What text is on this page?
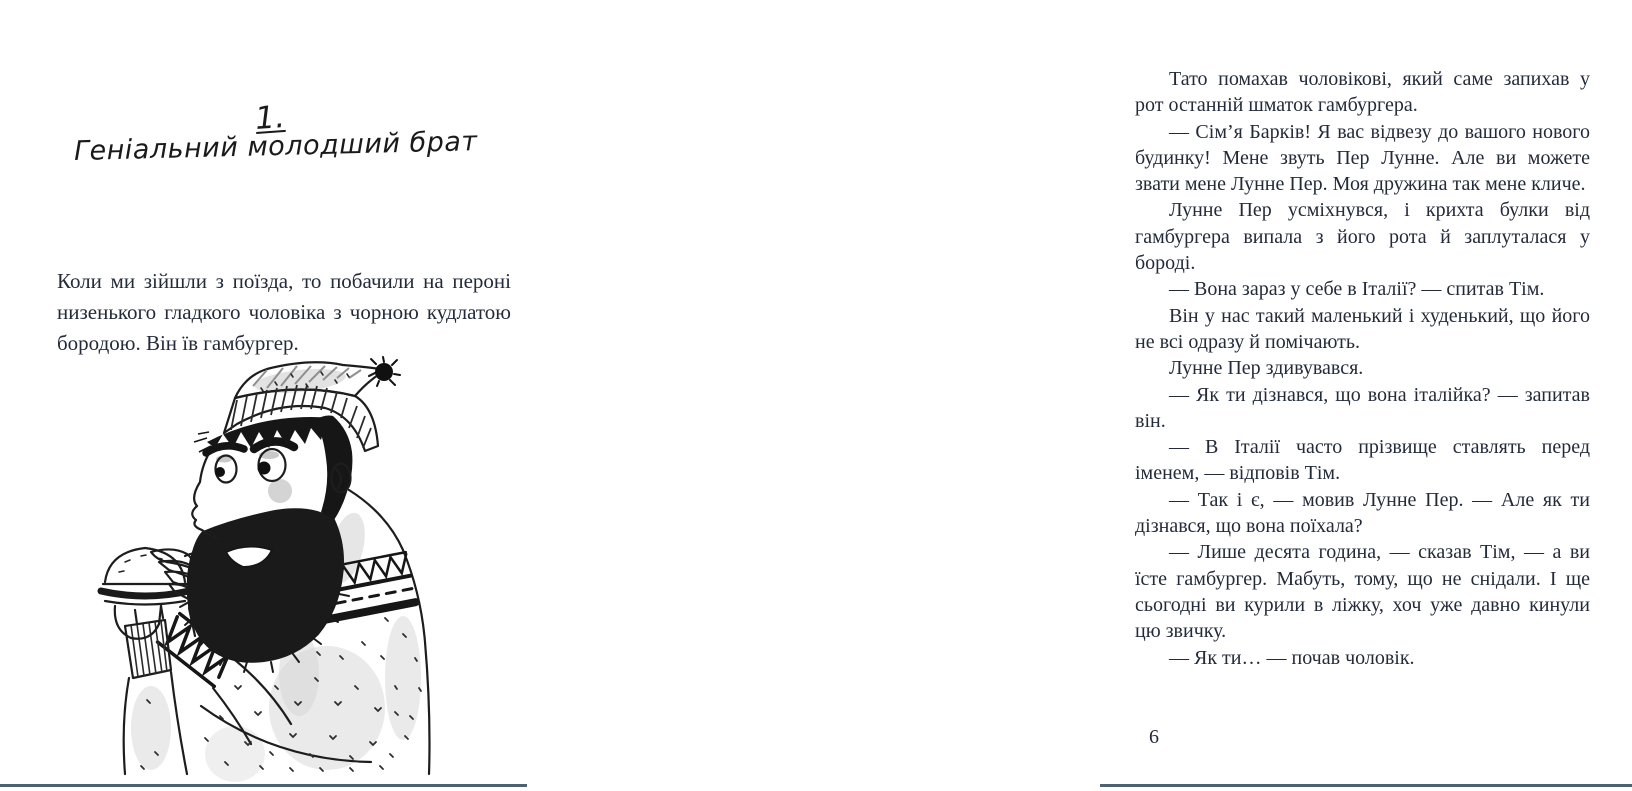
1.
Геніальний молодший брат

Коли ми зійшли з поїзда, то побачили на пероні низенького гладкого чоловіка з чорною кудлатою бородою. Він їв гамбургер.

Тато помахав чоловікові, який саме запихав у рот останній шматок гамбургера.

— Сім’я Барків! Я вас відвезу до вашого нового будинку! Мене звуть Пер Лунне. Але ви можете звати мене Лунне Пер. Моя дружина так мене кличе.

Лунне Пер усміхнувся, і крихта булки від гамбургера випала з його рота й заплуталася у бороді.

— Вона зараз у себе в Італії? — спитав Тім.

Він у нас такий маленький і худенький, що його не всі одразу й помічають.

Лунне Пер здивувався.

— Як ти дізнався, що вона італійка? — запитав він.

— В Італії часто прізвище ставлять перед іменем, — відповів Тім.

— Так і є, — мовив Лунне Пер. — Але як ти дізнався, що вона поїхала?

— Лише десята година, — сказав Тім, — а ви їсте гамбургер. Мабуть, тому, що не снідали. І ще сьогодні ви курили в ліжку, хоч уже давно кинули цю звичку.

— Як ти… — почав чоловік.

6
